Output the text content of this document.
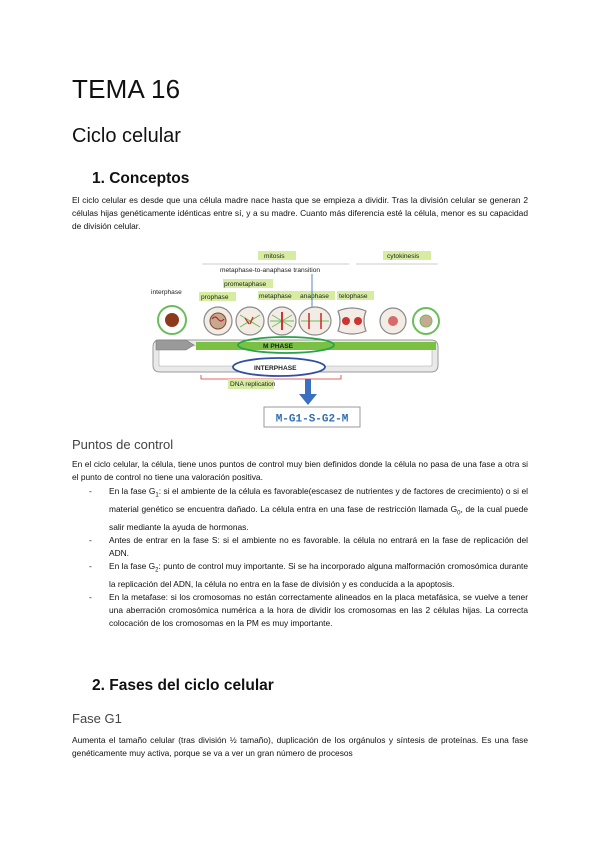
TEMA 16
Ciclo celular
1. Conceptos

El ciclo celular es desde que una célula madre nace hasta que se empieza a dividir. Tras la división celular se generan 2 células hijas genéticamente idénticas entre sí, y a su madre. Cuanto más diferencia esté la célula, menor es su capacidad de división celular.

mitosis	cytokinesis
metaphase-to-anaphase transition
interphase
prometaphase
prophase	metaphase anaphase telophase
M PHASE
INTERPHASE
DNA replication
M-G1-S-G2-M

Puntos de control

En el ciclo celular, la célula, tiene unos puntos de control muy bien definidos donde la célula no pasa de una fase a otra si el punto de control no tiene una valoración positiva.

- En la fase $G_1$: si el ambiente de la célula es favorable(escasez de nutrientes y de factores de crecimiento) o si el material genético se encuentra dañado. La célula entra en una fase de restricción llamada $G_0$, de la cual puede salir mediante la ayuda de hormonas.
- Antes de entrar en la fase S: si el ambiente no es favorable. la célula no entrará en la fase de replicación del ADN.
- En la fase $G_2$: punto de control muy importante. Si se ha incorporado alguna malformación cromosómica durante la replicación del ADN, la célula no entra en la fase de división y es conducida a la apoptosis.
- En la metafase: si los cromosomas no están correctamente alineados en la placa metafásica, se vuelve a tener una aberración cromosómica numérica a la hora de dividir los cromosomas en las 2 células hijas. La correcta colocación de los cromosomas en la PM es muy importante.
2. Fases del ciclo celular

Fase G1

Aumenta el tamaño celular (tras división ½ tamaño), duplicación de los orgánulos y síntesis de proteínas. Es una fase genéticamente muy activa, porque se va a ver un gran número de procesos
